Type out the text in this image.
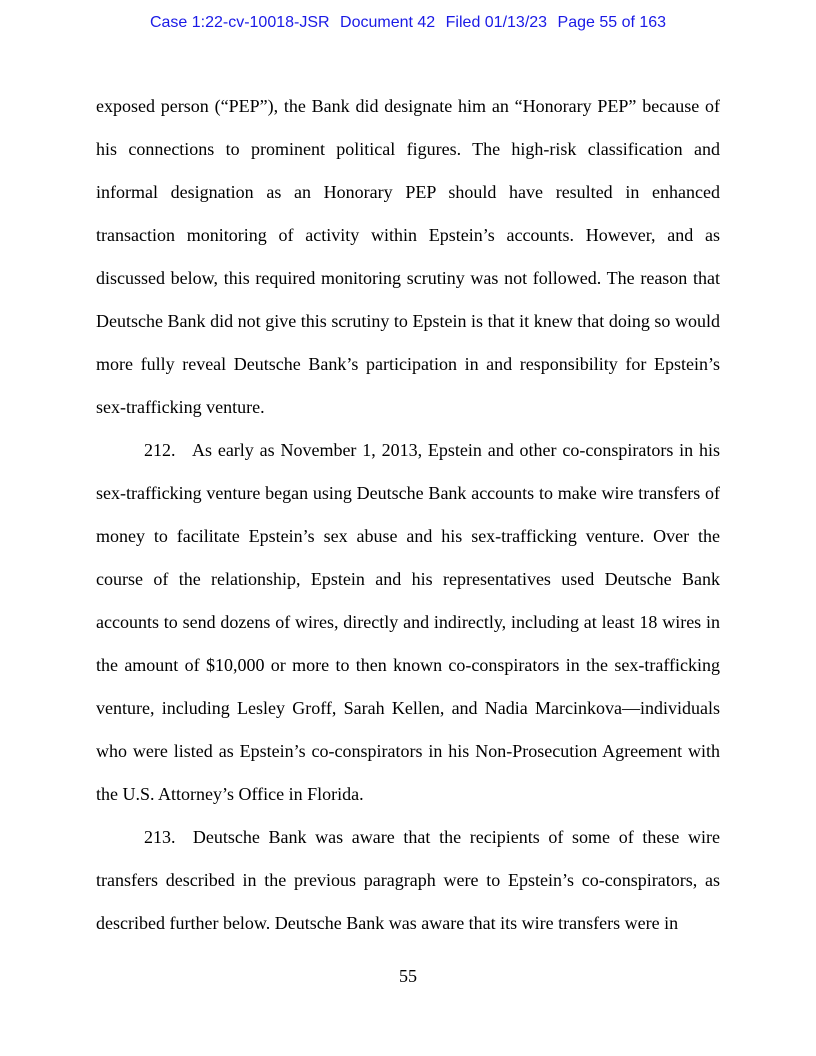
Case 1:22-cv-10018-JSR Document 42 Filed 01/13/23 Page 55 of 163

exposed person (“PEP”), the Bank did designate him an “Honorary PEP” because of his connections to prominent political figures. The high-risk classification and informal designation as an Honorary PEP should have resulted in enhanced transaction monitoring of activity within Epstein’s accounts. However, and as discussed below, this required monitoring scrutiny was not followed. The reason that Deutsche Bank did not give this scrutiny to Epstein is that it knew that doing so would more fully reveal Deutsche Bank’s participation in and responsibility for Epstein’s sex-trafficking venture.

212. As early as November 1, 2013, Epstein and other co-conspirators in his sex-trafficking venture began using Deutsche Bank accounts to make wire transfers of money to facilitate Epstein’s sex abuse and his sex-trafficking venture. Over the course of the relationship, Epstein and his representatives used Deutsche Bank accounts to send dozens of wires, directly and indirectly, including at least 18 wires in the amount of $10,000 or more to then known co-conspirators in the sex-trafficking venture, including Lesley Groff, Sarah Kellen, and Nadia Marcinkova—individuals who were listed as Epstein’s co-conspirators in his Non-Prosecution Agreement with the U.S. Attorney’s Office in Florida.

213. Deutsche Bank was aware that the recipients of some of these wire transfers described in the previous paragraph were to Epstein’s co-conspirators, as described further below. Deutsche Bank was aware that its wire transfers were in

55
